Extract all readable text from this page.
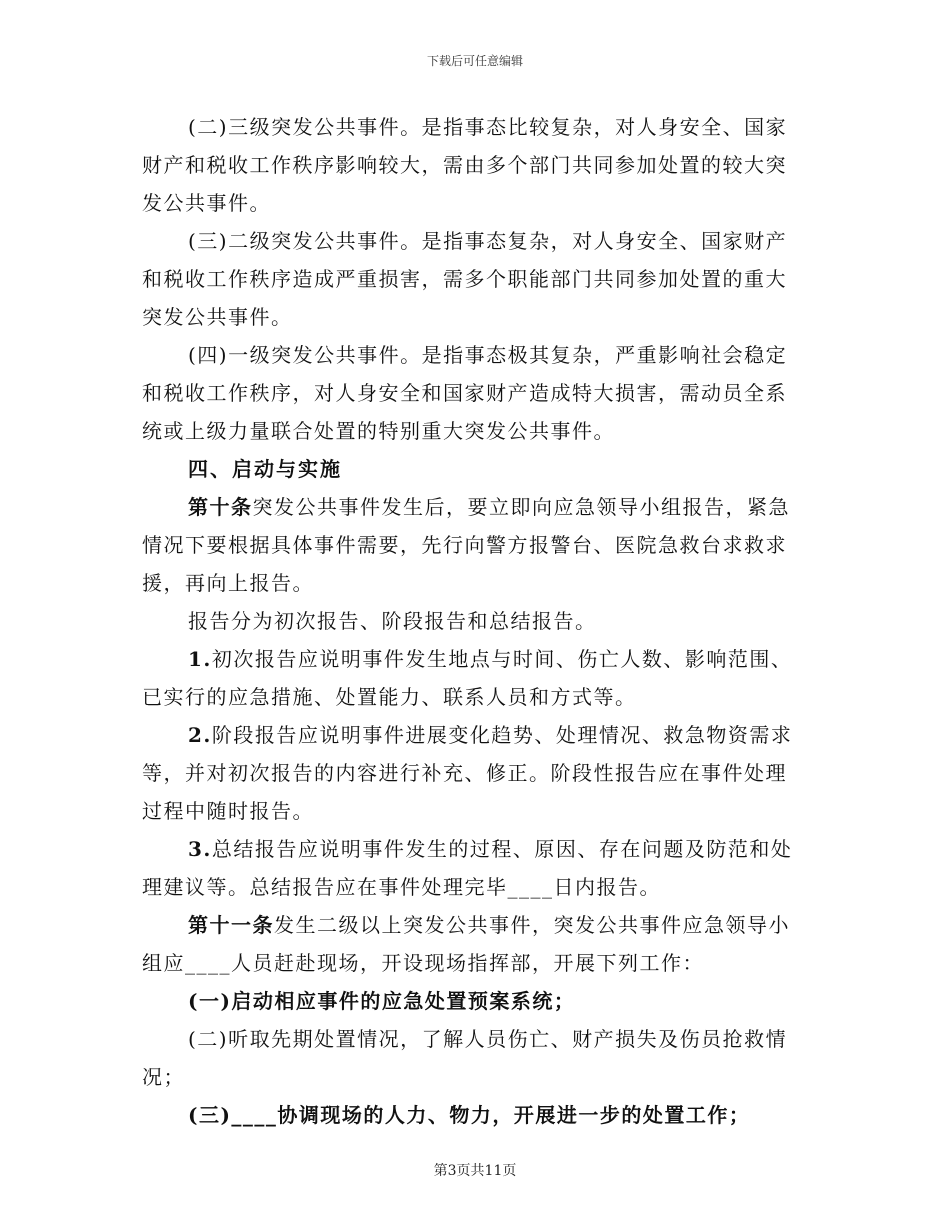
下载后可任意编辑

(二)三级突发公共事件。是指事态比较复杂，对人身安全、国家财产和税收工作秩序影响较大，需由多个部门共同参加处置的较大突发公共事件。

(三)二级突发公共事件。是指事态复杂，对人身安全、国家财产和税收工作秩序造成严重损害，需多个职能部门共同参加处置的重大突发公共事件。

(四)一级突发公共事件。是指事态极其复杂，严重影响社会稳定和税收工作秩序，对人身安全和国家财产造成特大损害，需动员全系统或上级力量联合处置的特别重大突发公共事件。

四、启动与实施

第十条突发公共事件发生后，要立即向应急领导小组报告，紧急情况下要根据具体事件需要，先行向警方报警台、医院急救台求救求援，再向上报告。

报告分为初次报告、阶段报告和总结报告。

1.初次报告应说明事件发生地点与时间、伤亡人数、影响范围、已实行的应急措施、处置能力、联系人员和方式等。

2.阶段报告应说明事件进展变化趋势、处理情况、救急物资需求等，并对初次报告的内容进行补充、修正。阶段性报告应在事件处理过程中随时报告。

3.总结报告应说明事件发生的过程、原因、存在问题及防范和处理建议等。总结报告应在事件处理完毕____日内报告。

第十一条发生二级以上突发公共事件，突发公共事件应急领导小组应____人员赶赴现场，开设现场指挥部，开展下列工作：

(一)启动相应事件的应急处置预案系统；

(二)听取先期处置情况，了解人员伤亡、财产损失及伤员抢救情况；

(三)____协调现场的人力、物力，开展进一步的处置工作；

第3页共11页
